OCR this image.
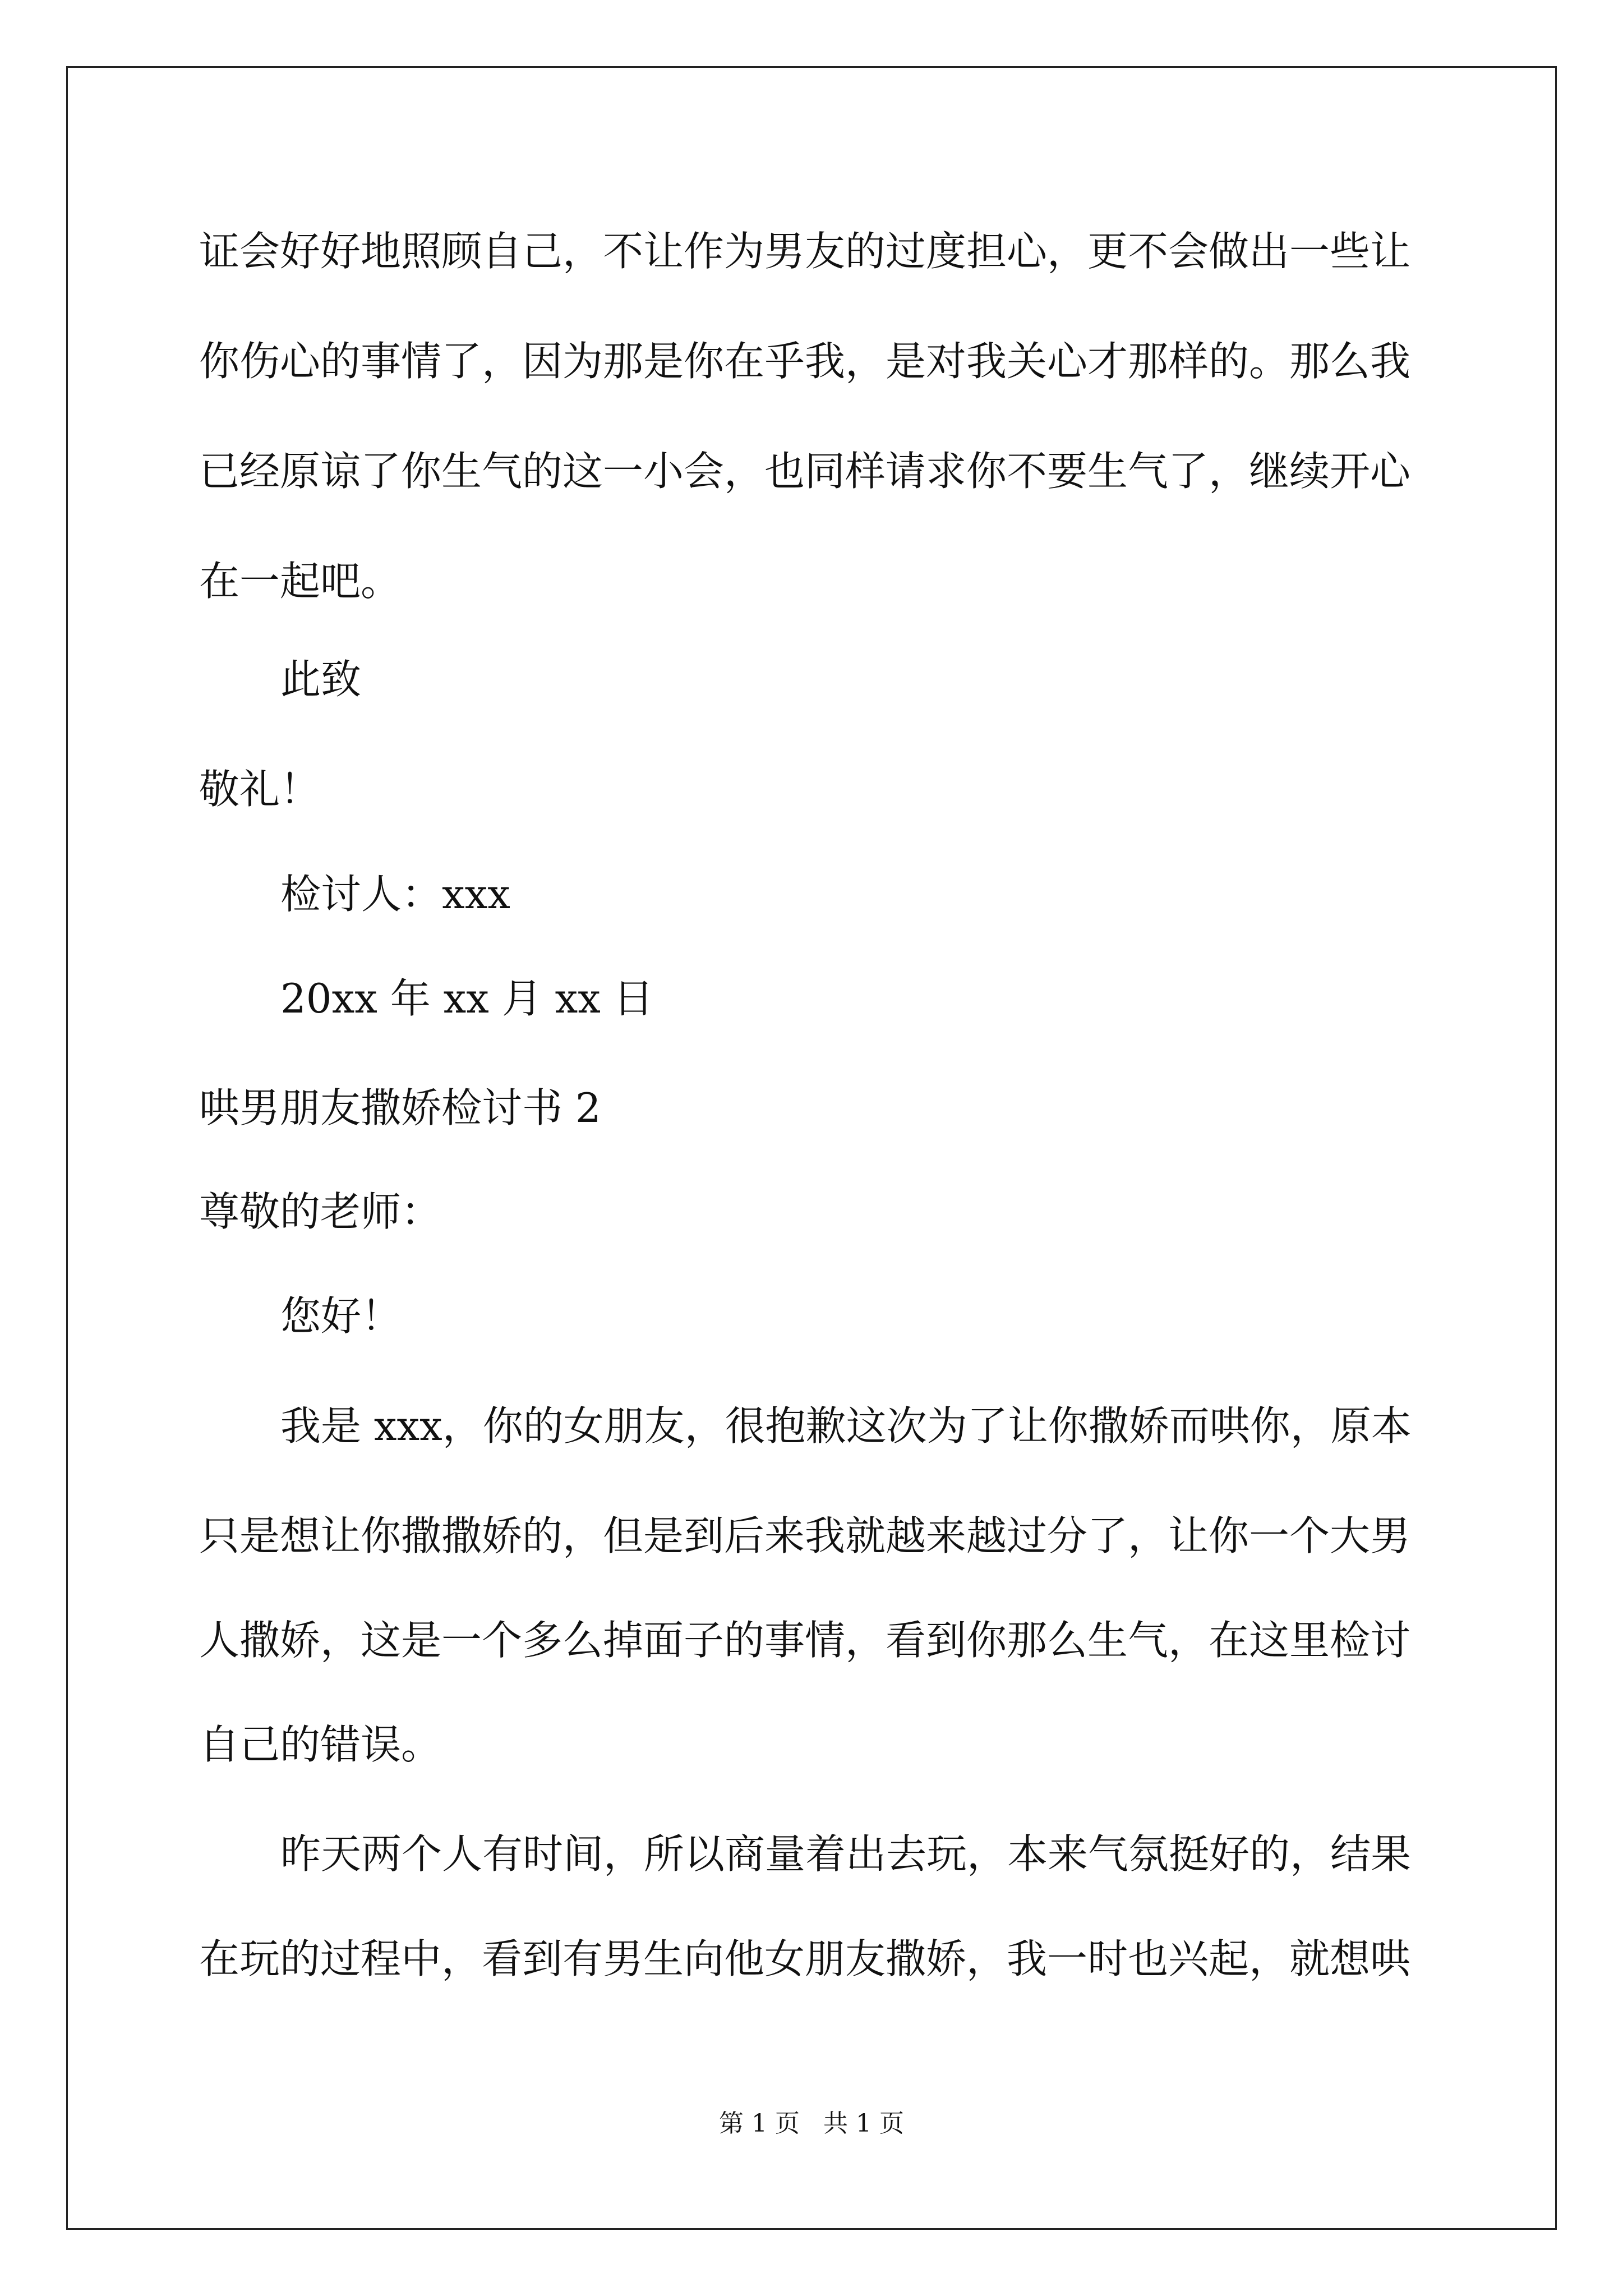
证会好好地照顾自己，不让作为男友的过度担心，更不会做出一些让
你伤心的事情了，因为那是你在乎我，是对我关心才那样的。那么我
已经原谅了你生气的这一小会，也同样请求你不要生气了，继续开心
在一起吧。
此致
敬礼！
检讨人：xxx
20xx 年 xx 月 xx 日
哄男朋友撒娇检讨书 2
尊敬的老师：
您好！
我是 xxx，你的女朋友，很抱歉这次为了让你撒娇而哄你，原本
只是想让你撒撒娇的，但是到后来我就越来越过分了，让你一个大男
人撒娇，这是一个多么掉面子的事情，看到你那么生气，在这里检讨
自己的错误。
昨天两个人有时间，所以商量着出去玩，本来气氛挺好的，结果
在玩的过程中，看到有男生向他女朋友撒娇，我一时也兴起，就想哄
第 1 页   共 1 页
